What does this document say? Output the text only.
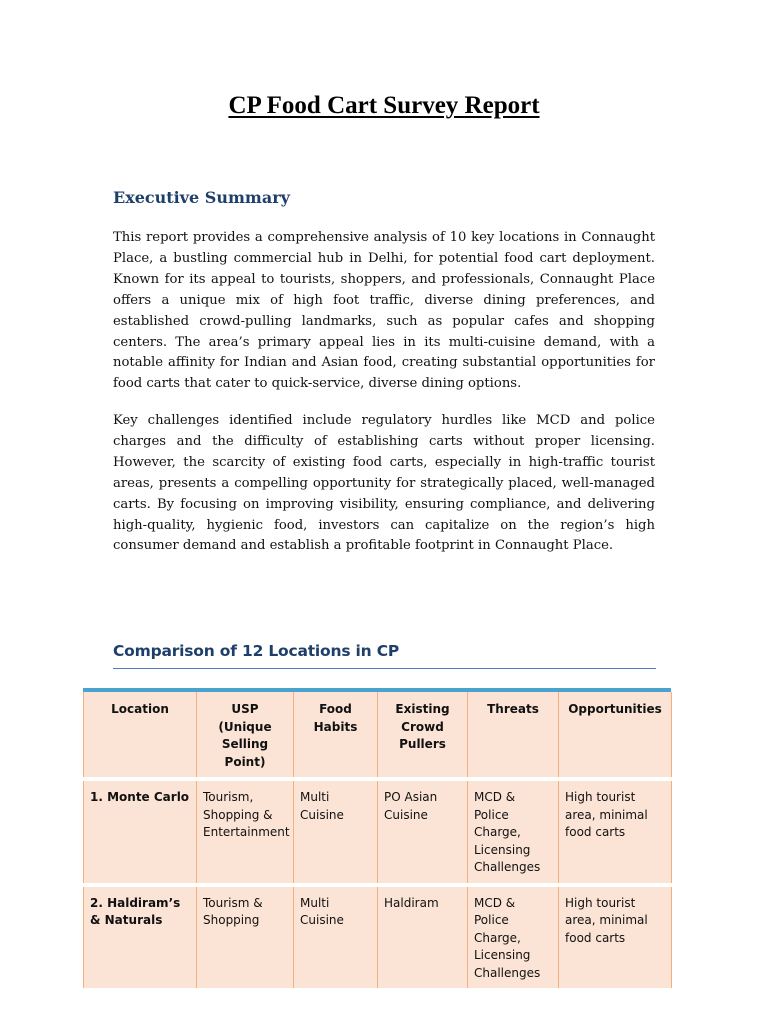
CP Food Cart Survey Report
Executive Summary

This report provides a comprehensive analysis of 10 key locations in Connaught Place, a bustling commercial hub in Delhi, for potential food cart deployment. Known for its appeal to tourists, shoppers, and professionals, Connaught Place offers a unique mix of high foot traffic, diverse dining preferences, and established crowd-pulling landmarks, such as popular cafes and shopping centers. The area’s primary appeal lies in its multi-cuisine demand, with a notable affinity for Indian and Asian food, creating substantial opportunities for food carts that cater to quick-service, diverse dining options.

Key challenges identified include regulatory hurdles like MCD and police charges and the difficulty of establishing carts without proper licensing. However, the scarcity of existing food carts, especially in high-traffic tourist areas, presents a compelling opportunity for strategically placed, well-managed carts. By focusing on improving visibility, ensuring compliance, and delivering high-quality, hygienic food, investors can capitalize on the region’s high consumer demand and establish a profitable footprint in Connaught Place.

Comparison of 12 Locations in CP
Location	USP (Unique Selling Point)	Food Habits	Existing Crowd Pullers	Threats	Opportunities
1. Monte Carlo	Tourism, Shopping & Entertainment	Multi Cuisine	PO Asian Cuisine	MCD & Police Charge, Licensing Challenges	High tourist area, minimal food carts
2. Haldiram’s & Naturals	Tourism & Shopping	Multi Cuisine	Haldiram	MCD & Police Charge, Licensing Challenges	High tourist area, minimal food carts
